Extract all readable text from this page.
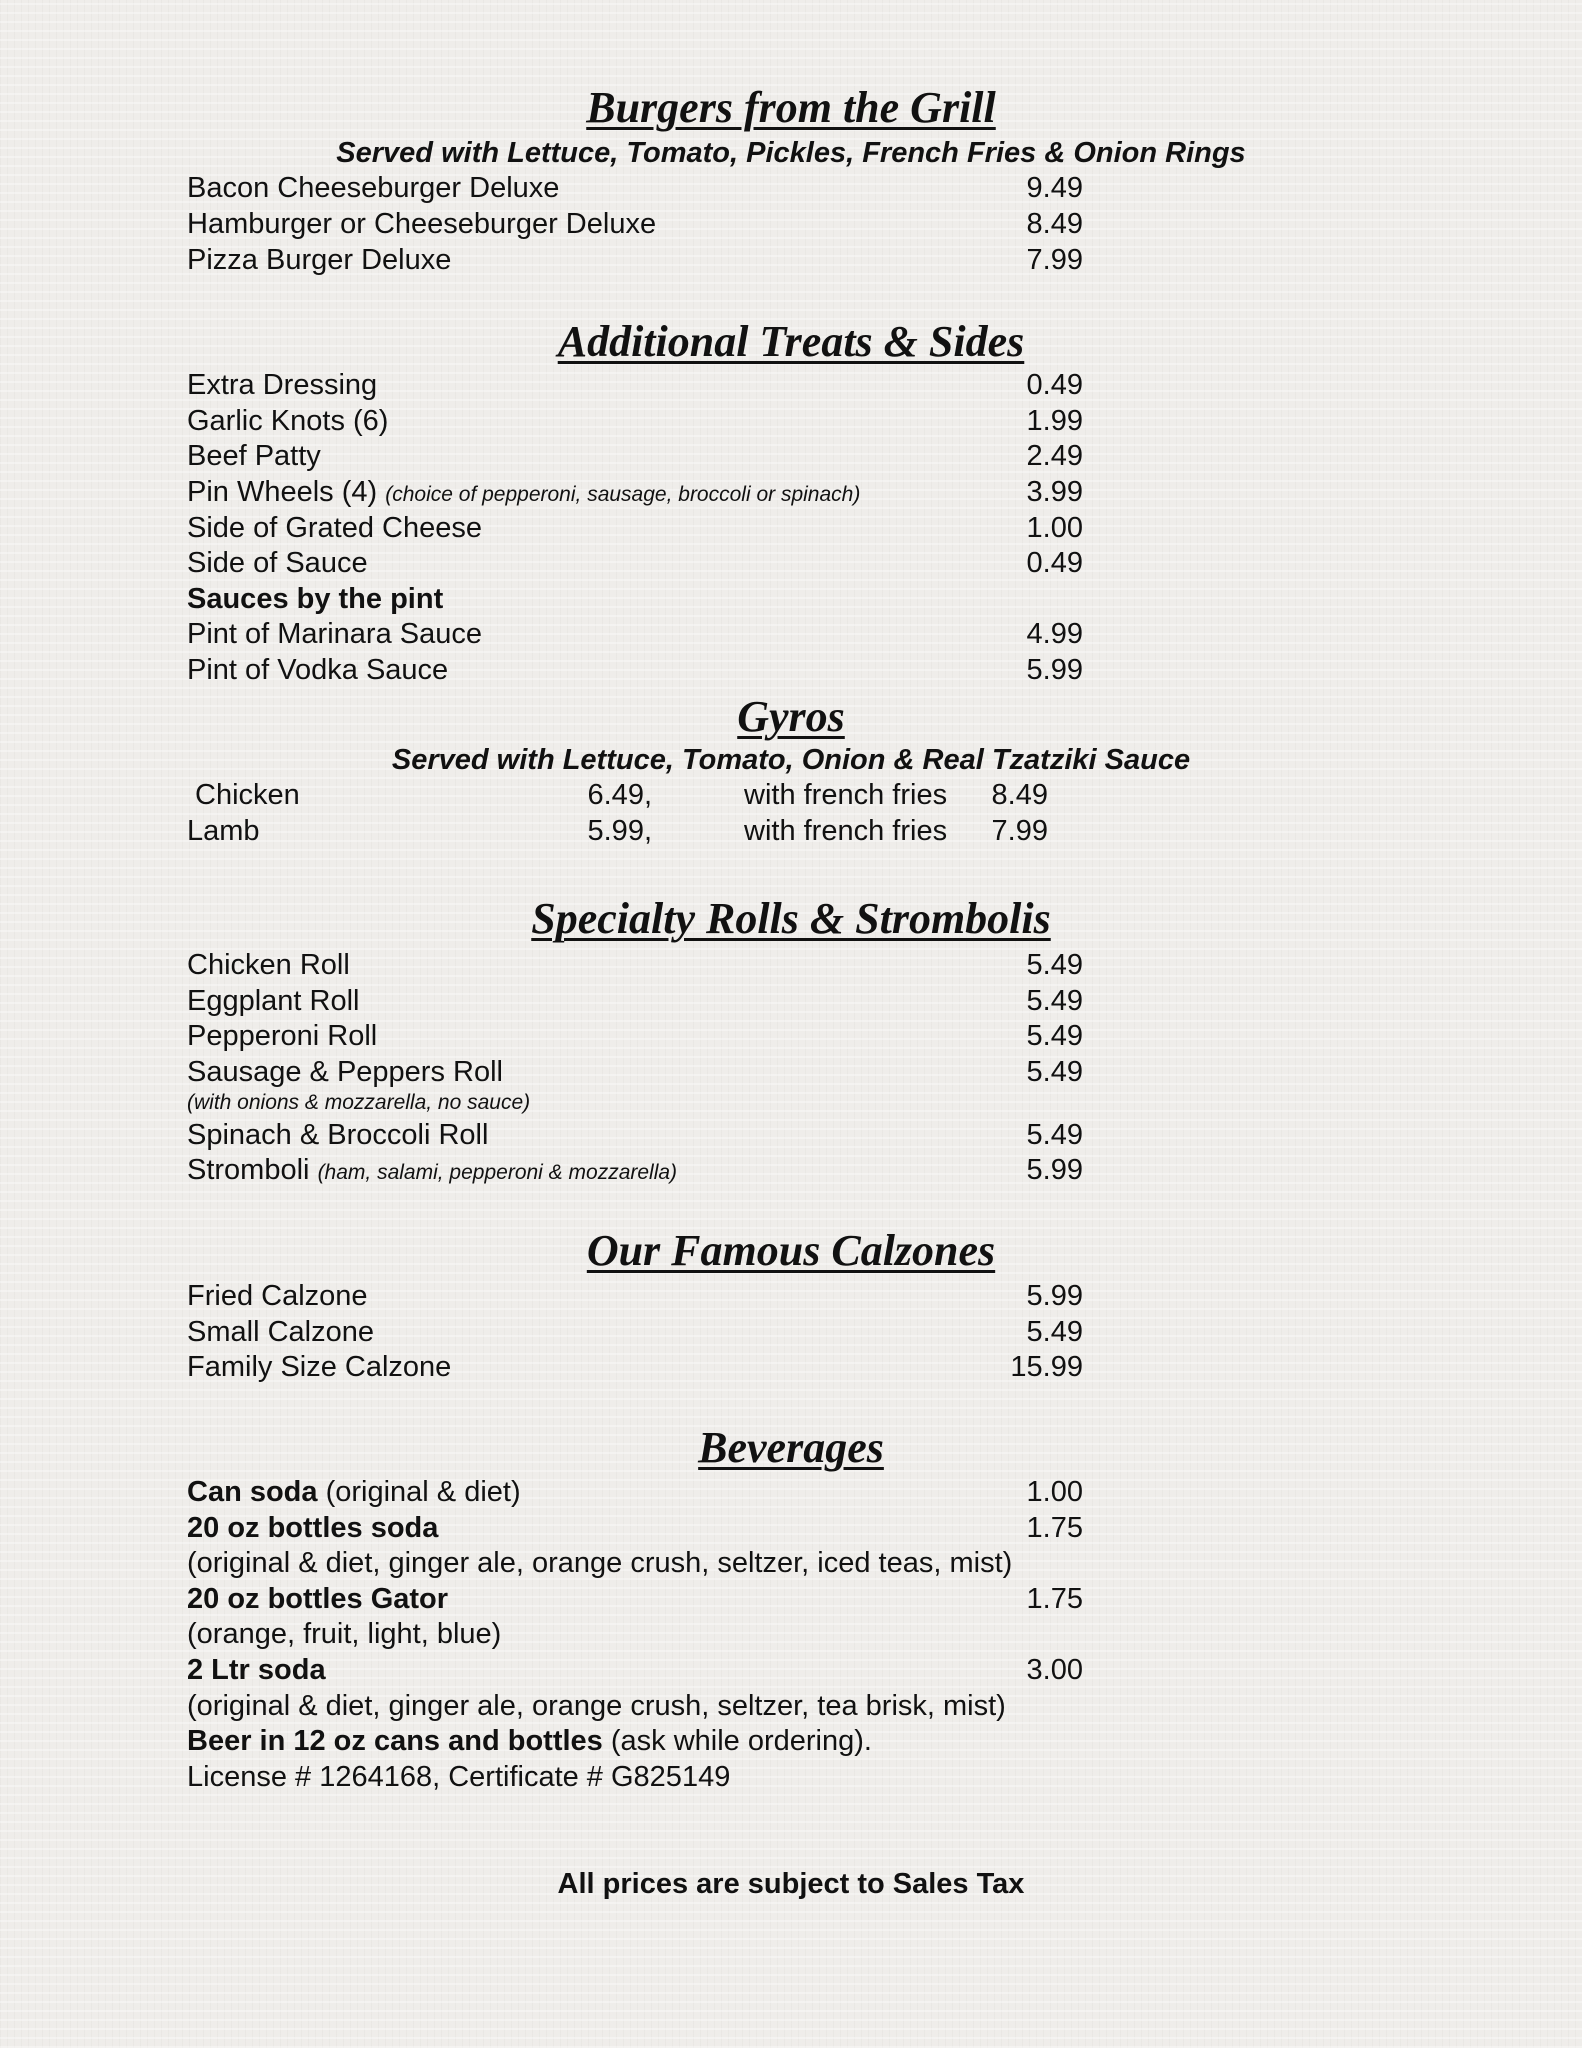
Burgers from the Grill
Served with Lettuce, Tomato, Pickles, French Fries & Onion Rings
Bacon Cheeseburger Deluxe	9.49
Hamburger or Cheeseburger Deluxe	8.49
Pizza Burger Deluxe	7.99
Additional Treats & Sides
Extra Dressing	0.49
Garlic Knots (6)	1.99
Beef Patty	2.49
Pin Wheels (4) (choice of pepperoni, sausage, broccoli or spinach)	3.99
Side of Grated Cheese	1.00
Side of Sauce	0.49
Sauces by the pint
Pint of Marinara Sauce	4.99
Pint of Vodka Sauce	5.99
Gyros
Served with Lettuce, Tomato, Onion & Real Tzatziki Sauce
Chicken	6.49,	with french fries	8.49
Lamb	5.99,	with french fries	7.99
Specialty Rolls & Strombolis
Chicken Roll	5.49
Eggplant Roll	5.49
Pepperoni Roll	5.49
Sausage & Peppers Roll	5.49
(with onions & mozzarella, no sauce)
Spinach & Broccoli Roll	5.49
Stromboli (ham, salami, pepperoni & mozzarella)	5.99
Our Famous Calzones
Fried Calzone	5.99
Small Calzone	5.49
Family Size Calzone	15.99
Beverages
Can soda (original & diet)	1.00
20 oz bottles soda	1.75
(original & diet, ginger ale, orange crush, seltzer, iced teas, mist)
20 oz bottles Gator	1.75
(orange, fruit, light, blue)
2 Ltr soda	3.00
(original & diet, ginger ale, orange crush, seltzer, tea brisk, mist)
Beer in 12 oz cans and bottles (ask while ordering).
License # 1264168, Certificate # G825149
All prices are subject to Sales Tax
